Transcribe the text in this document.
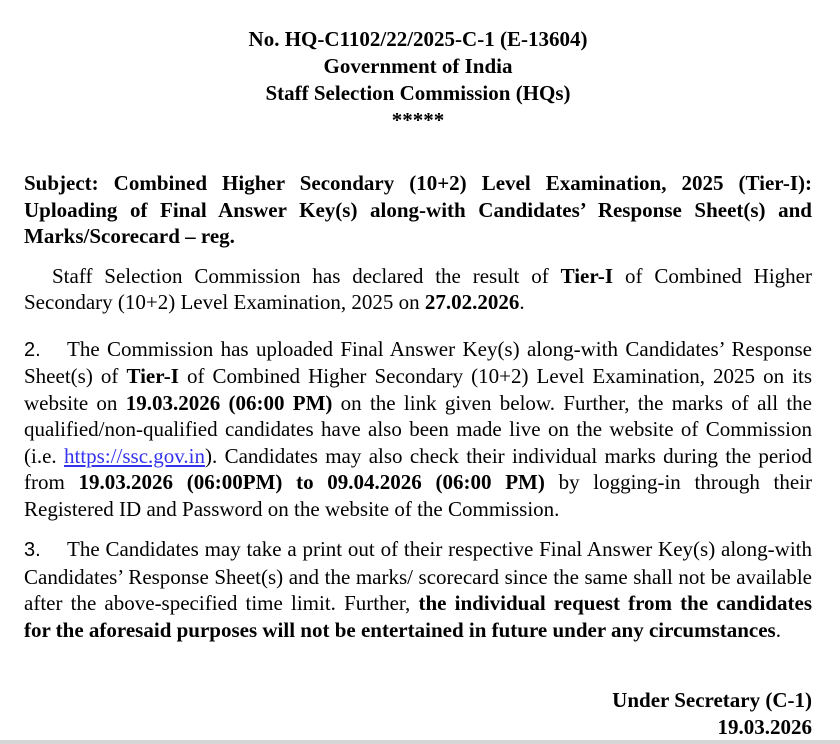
No. HQ-C1102/22/2025-C-1 (E-13604)
Government of India
Staff Selection Commission (HQs)
*****

Subject: Combined Higher Secondary (10+2) Level Examination, 2025 (Tier-I): Uploading of Final Answer Key(s) along-with Candidates’ Response Sheet(s) and Marks/Scorecard – reg.

Staff Selection Commission has declared the result of Tier-I of Combined Higher Secondary (10+2) Level Examination, 2025 on 27.02.2026.

2. The Commission has uploaded Final Answer Key(s) along-with Candidates’ Response Sheet(s) of Tier-I of Combined Higher Secondary (10+2) Level Examination, 2025 on its website on 19.03.2026 (06:00 PM) on the link given below. Further, the marks of all the qualified/non-qualified candidates have also been made live on the website of Commission (i.e. https://ssc.gov.in). Candidates may also check their individual marks during the period from 19.03.2026 (06:00PM) to 09.04.2026 (06:00 PM) by logging-in through their Registered ID and Password on the website of the Commission.

3. The Candidates may take a print out of their respective Final Answer Key(s) along-with Candidates’ Response Sheet(s) and the marks/ scorecard since the same shall not be available after the above-specified time limit. Further, the individual request from the candidates for the aforesaid purposes will not be entertained in future under any circumstances.

Under Secretary (C-1)
19.03.2026
